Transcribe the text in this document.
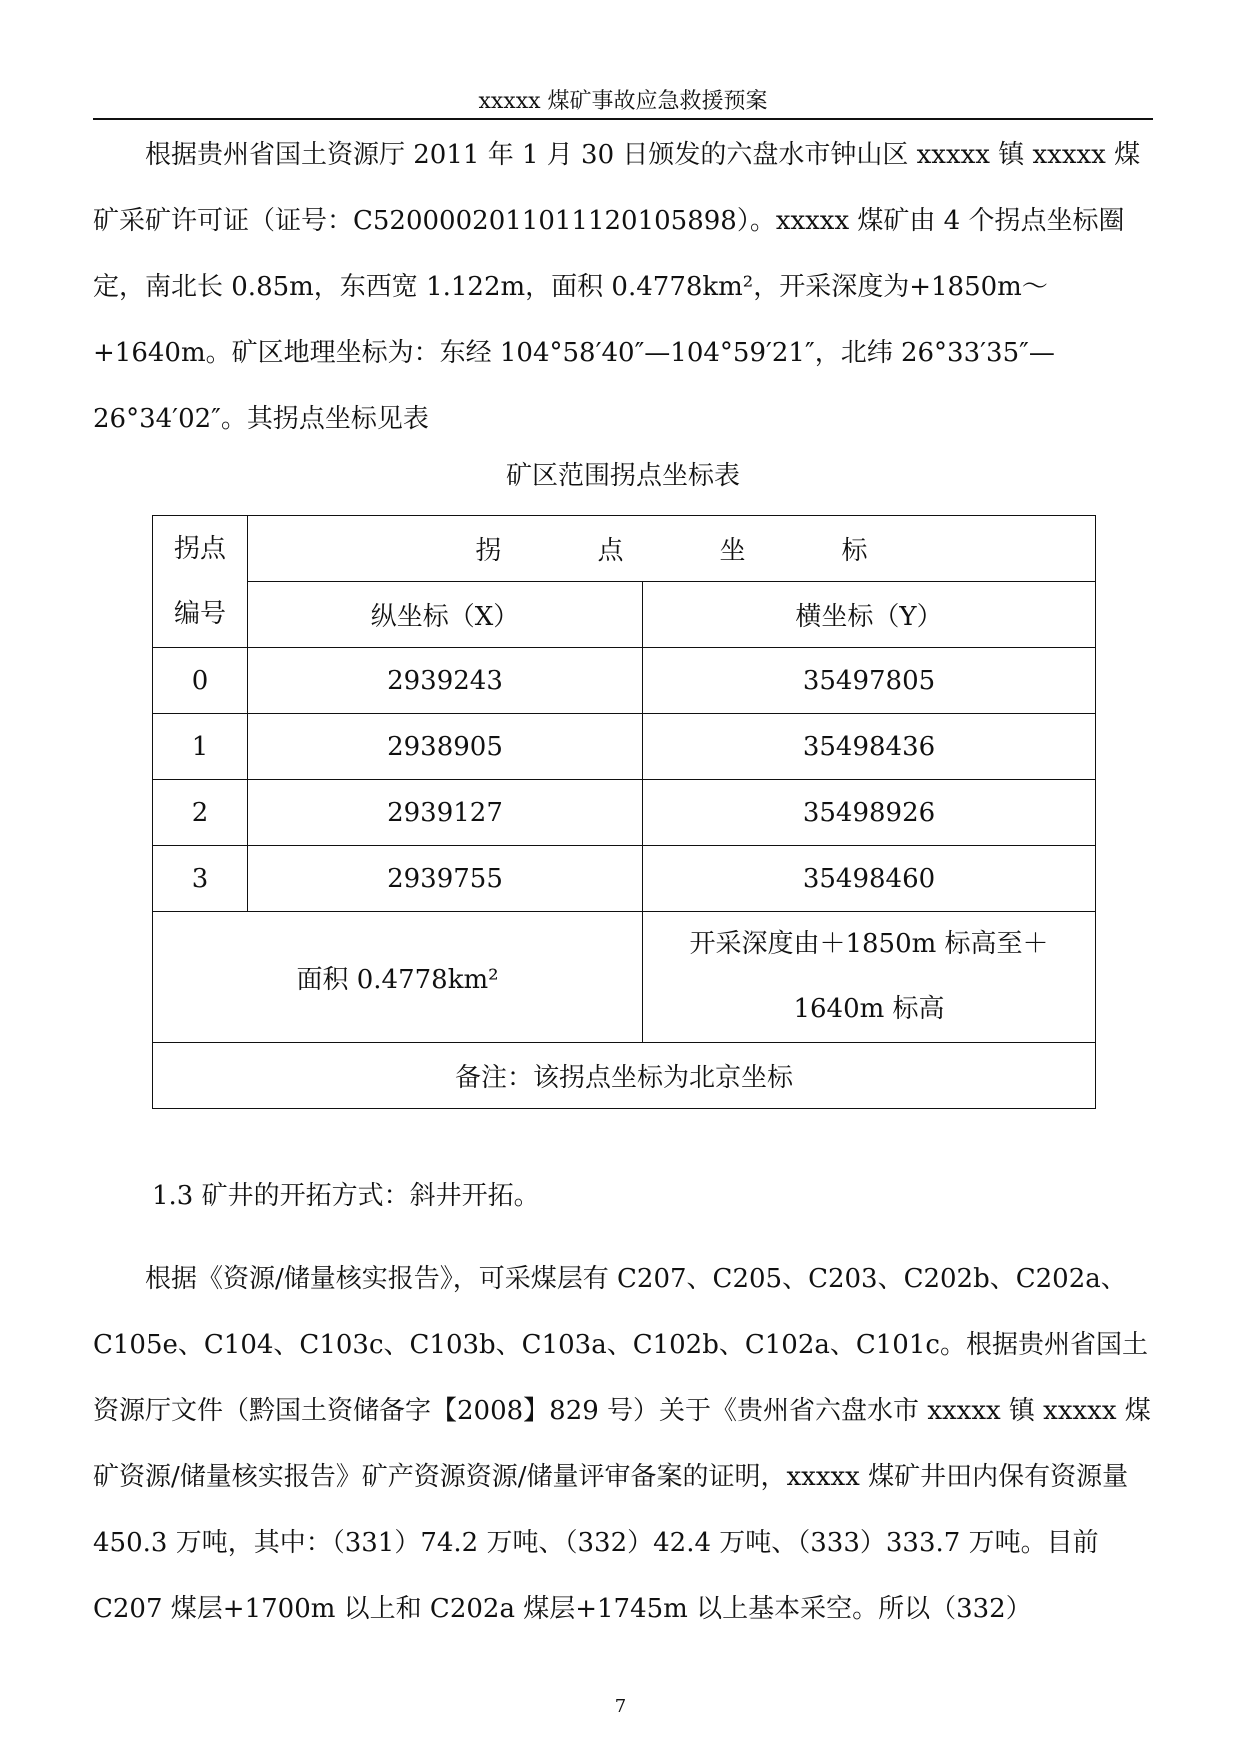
xxxxx 煤矿事故应急救援预案

根据贵州省国土资源厅 2011 年 1 月 30 日颁发的六盘水市钟山区 xxxxx 镇 xxxxx 煤矿采矿许可证（证号：C5200002011011120105898）。xxxxx 煤矿由 4 个拐点坐标圈定，南北长 0.85m，东西宽 1.122m，面积 0.4778km²，开采深度为+1850m～+1640m。矿区地理坐标为：东经 104°58′40″—104°59′21″，北纬 26°33′35″—26°34′02″。其拐点坐标见表

矿区范围拐点坐标表
拐点
编号	拐 点 坐 标	
	纵坐标（X）	横坐标（Y）
0	2939243	35497805
1	2938905	35498436
2	2939127	35498926
3	2939755	35498460
面积 0.4778km²		开采深度由＋1850m 标高至＋
1640m 标高

备注：该拐点坐标为北京坐标		
1.3 矿井的开拓方式：斜井开拓。

根据《资源/储量核实报告》，可采煤层有 C207、C205、C203、C202b、C202a、C105e、C104、C103c、C103b、C103a、C102b、C102a、C101c。根据贵州省国土资源厅文件（黔国土资储备字【2008】829 号）关于《贵州省六盘水市 xxxxx 镇 xxxxx 煤矿资源/储量核实报告》矿产资源资源/储量评审备案的证明，xxxxx 煤矿井田内保有资源量 450.3 万吨，其中：（331）74.2 万吨、（332）42.4 万吨、（333）333.7 万吨。目前 C207 煤层+1700m 以上和 C202a 煤层+1745m 以上基本采空。所以（332）

7
